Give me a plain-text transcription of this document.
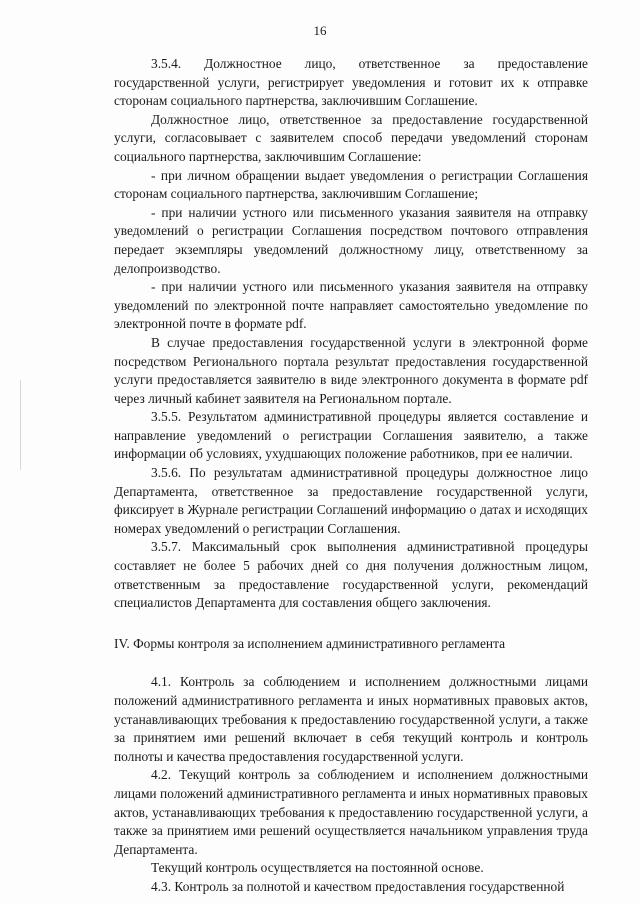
16

3.5.4. Должностное лицо, ответственное за предоставление государственной услуги, регистрирует уведомления и готовит их к отправке сторонам социального партнерства, заключившим Соглашение.

Должностное лицо, ответственное за предоставление государственной услуги, согласовывает с заявителем способ передачи уведомлений сторонам социального партнерства, заключившим Соглашение:

- при личном обращении выдает уведомления о регистрации Соглашения сторонам социального партнерства, заключившим Соглашение;

- при наличии устного или письменного указания заявителя на отправку уведомлений о регистрации Соглашения посредством почтового отправления передает экземпляры уведомлений должностному лицу, ответственному за делопроизводство.

- при наличии устного или письменного указания заявителя на отправку уведомлений по электронной почте направляет самостоятельно уведомление по электронной почте в формате pdf.

В случае предоставления государственной услуги в электронной форме посредством Регионального портала результат предоставления государственной услуги предоставляется заявителю в виде электронного документа в формате pdf через личный кабинет заявителя на Региональном портале.

3.5.5. Результатом административной процедуры является составление и направление уведомлений о регистрации Соглашения заявителю, а также информации об условиях, ухудшающих положение работников, при ее наличии.

3.5.6. По результатам административной процедуры должностное лицо Департамента, ответственное за предоставление государственной услуги, фиксирует в Журнале регистрации Соглашений информацию о датах и исходящих номерах уведомлений о регистрации Соглашения.

3.5.7. Максимальный срок выполнения административной процедуры составляет не более 5 рабочих дней со дня получения должностным лицом, ответственным за предоставление государственной услуги, рекомендаций специалистов Департамента для составления общего заключения.

IV. Формы контроля за исполнением административного регламента

4.1. Контроль за соблюдением и исполнением должностными лицами положений административного регламента и иных нормативных правовых актов, устанавливающих требования к предоставлению государственной услуги, а также за принятием ими решений включает в себя текущий контроль и контроль полноты и качества предоставления государственной услуги.

4.2. Текущий контроль за соблюдением и исполнением должностными лицами положений административного регламента и иных нормативных правовых актов, устанавливающих требования к предоставлению государственной услуги, а также за принятием ими решений осуществляется начальником управления труда Департамента.

Текущий контроль осуществляется на постоянной основе.

4.3. Контроль за полнотой и качеством предоставления государственной
